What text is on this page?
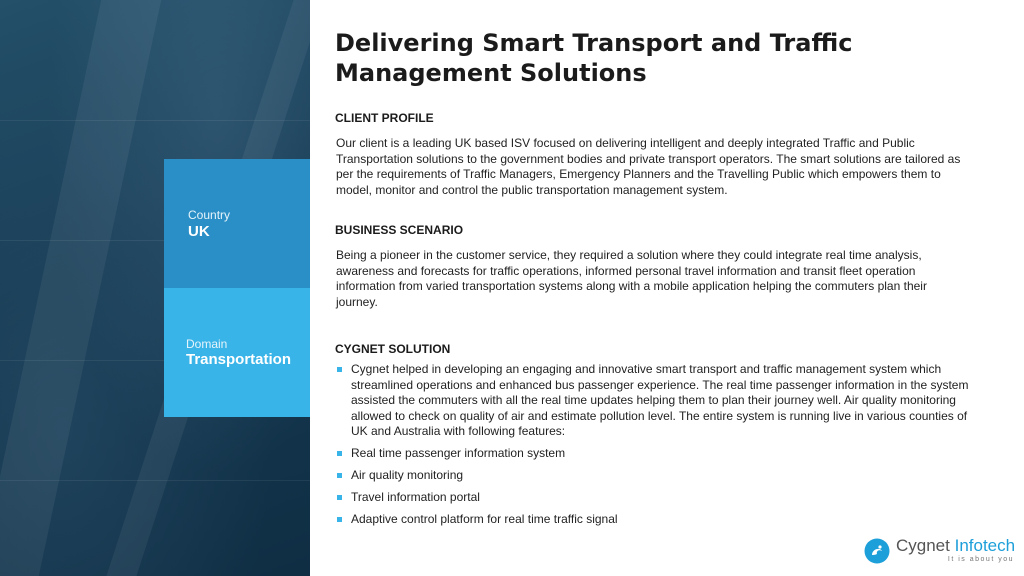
Country
UK
Domain
Transportation
Delivering Smart Transport and Traffic Management Solutions
CLIENT PROFILE
Our client is a leading UK based ISV focused on delivering intelligent and deeply integrated Traffic and Public Transportation solutions to the government bodies and private transport operators. The smart solutions are tailored as per the requirements of Traffic Managers, Emergency Planners and the Travelling Public which empowers them to model, monitor and control the public transportation management system.
BUSINESS SCENARIO
Being a pioneer in the customer service, they required a solution where they could integrate real time analysis, awareness and forecasts for traffic operations, informed personal travel information and transit fleet operation information from varied transportation systems along with a mobile application helping the commuters plan their journey.
CYGNET SOLUTION
Cygnet helped in developing an engaging and innovative smart transport and traffic management system which streamlined operations and enhanced bus passenger experience. The real time passenger information in the system assisted the commuters with all the real time updates helping them to plan their journey well. Air quality monitoring allowed to check on quality of air and estimate pollution level. The entire system is running live in various counties of UK and Australia with following features:
Real time passenger information system
Air quality monitoring
Travel information portal
Adaptive control platform for real time traffic signal
Cygnet Infotech
It is about you
